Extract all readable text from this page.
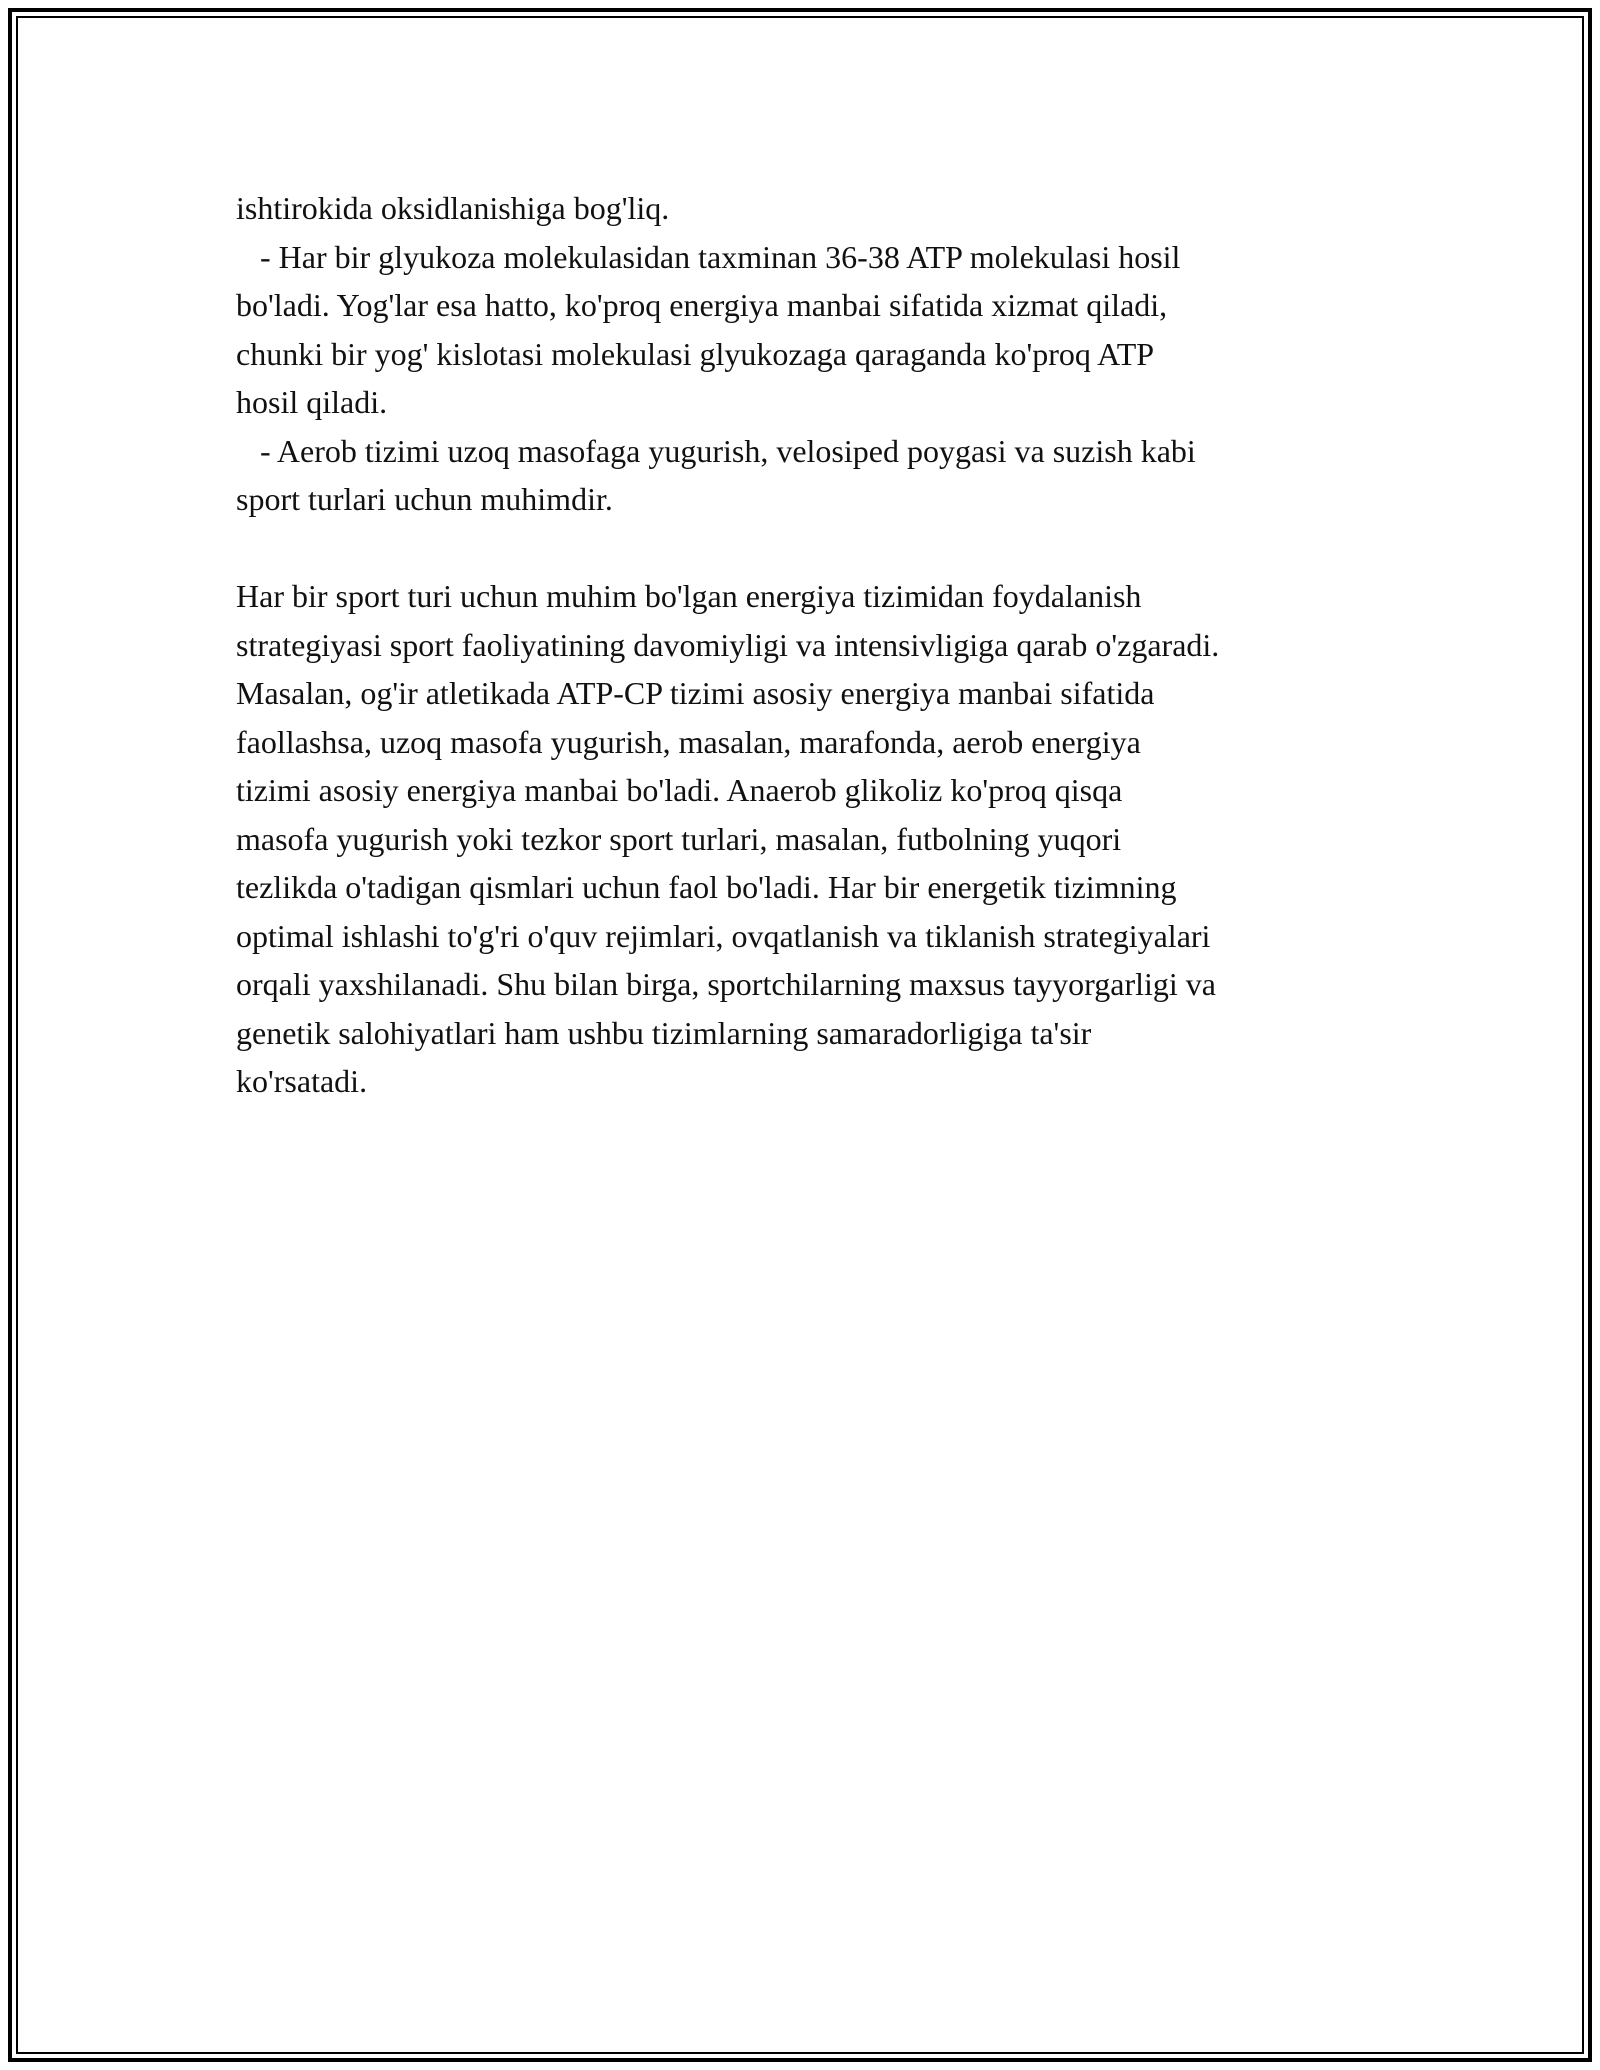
ishtirokida oksidlanishiga bog'liq.
- Har bir glyukoza molekulasidan taxminan 36-38 ATP molekulasi hosil
bo'ladi. Yog'lar esa hatto, ko'proq energiya manbai sifatida xizmat qiladi,
chunki bir yog' kislotasi molekulasi glyukozaga qaraganda ko'proq ATP
hosil qiladi.
- Aerob tizimi uzoq masofaga yugurish, velosiped poygasi va suzish kabi
sport turlari uchun muhimdir.
Har bir sport turi uchun muhim bo'lgan energiya tizimidan foydalanish
strategiyasi sport faoliyatining davomiyligi va intensivligiga qarab o'zgaradi.
Masalan, og'ir atletikada ATP-CP tizimi asosiy energiya manbai sifatida
faollashsa, uzoq masofa yugurish, masalan, marafonda, aerob energiya
tizimi asosiy energiya manbai bo'ladi. Anaerob glikoliz ko'proq qisqa
masofa yugurish yoki tezkor sport turlari, masalan, futbolning yuqori
tezlikda o'tadigan qismlari uchun faol bo'ladi. Har bir energetik tizimning
optimal ishlashi to'g'ri o'quv rejimlari, ovqatlanish va tiklanish strategiyalari
orqali yaxshilanadi. Shu bilan birga, sportchilarning maxsus tayyorgarligi va
genetik salohiyatlari ham ushbu tizimlarning samaradorligiga ta'sir
ko'rsatadi.
